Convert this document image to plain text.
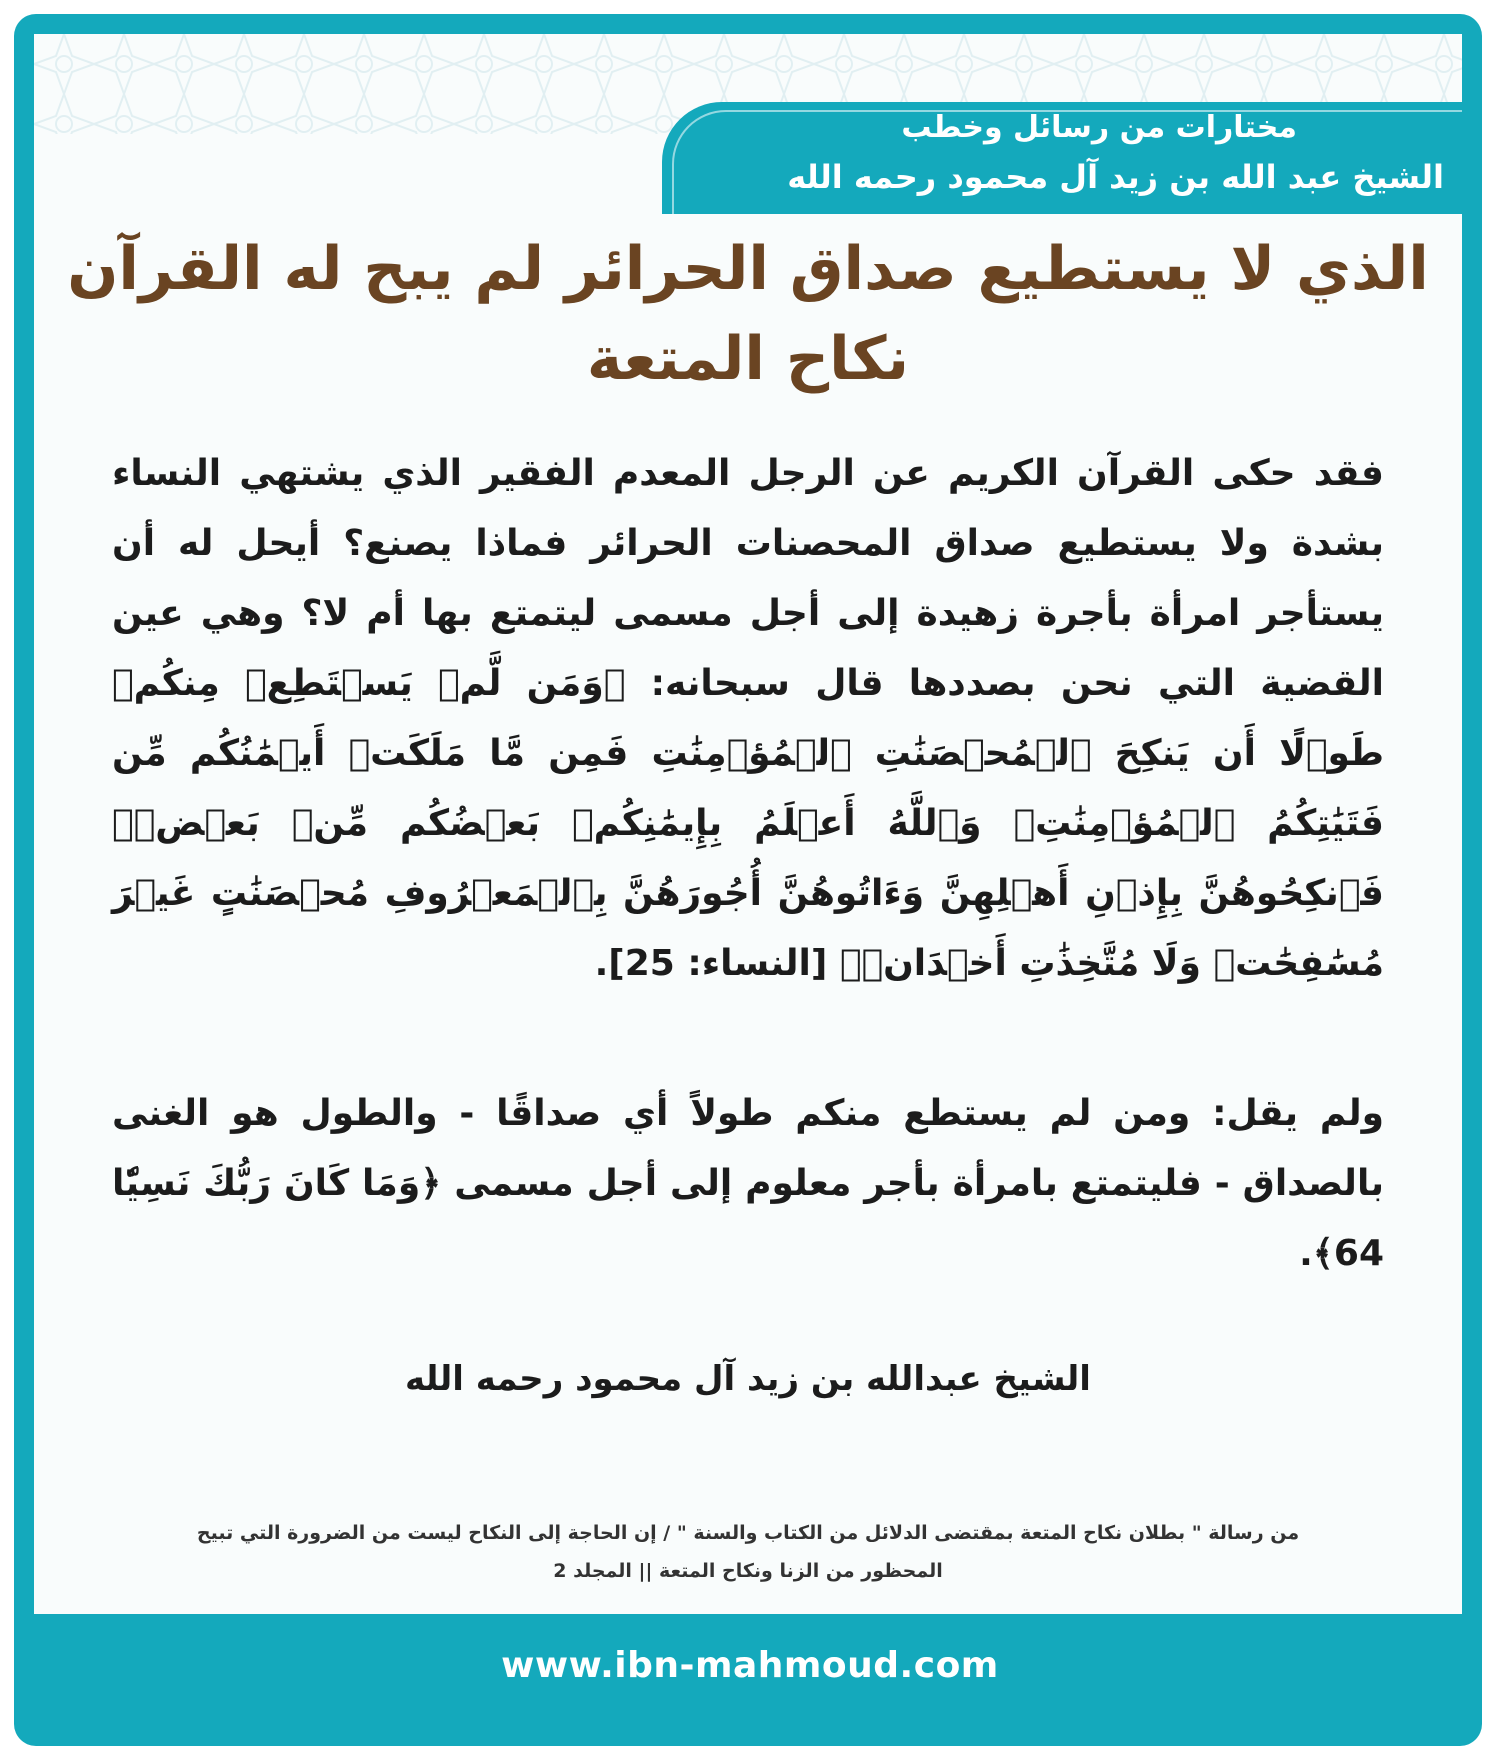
مختارات من رسائل وخطب
الشيخ عبد الله بن زيد آل محمود رحمه الله
الذي لا يستطيع صداق الحرائر لم يبح له القرآن
نكاح المتعة
فقد حكى القرآن الكريم عن الرجل المعدم الفقير الذي يشتهي النساء بشدة ولا يستطيع صداق المحصنات الحرائر فماذا يصنع؟ أيحل له أن يستأجر امرأة بأجرة زهيدة إلى أجل مسمى ليتمتع بها أم لا؟ وهي عين القضية التي نحن بصددها قال سبحانه: ﴿وَمَن لَّمۡ يَسۡتَطِعۡ مِنكُمۡ طَوۡلًا أَن يَنكِحَ ٱلۡمُحۡصَنَٰتِ ٱلۡمُؤۡمِنَٰتِ فَمِن مَّا مَلَكَتۡ أَيۡمَٰنُكُم مِّن فَتَيَٰتِكُمُ ٱلۡمُؤۡمِنَٰتِۚ وَٱللَّهُ أَعۡلَمُ بِإِيمَٰنِكُمۚ بَعۡضُكُم مِّنۢ بَعۡضٖۚ فَٱنكِحُوهُنَّ بِإِذۡنِ أَهۡلِهِنَّ وَءَاتُوهُنَّ أُجُورَهُنَّ بِٱلۡمَعۡرُوفِ مُحۡصَنَٰتٍ غَيۡرَ مُسَٰفِحَٰتٖ وَلَا مُتَّخِذَٰتِ أَخۡدَانٖ﴾ [النساء: 25].
ولم يقل: ومن لم يستطع منكم طولاً أي صداقًا - والطول هو الغنى بالصداق - فليتمتع بامرأة بأجر معلوم إلى أجل مسمى ﴿وَمَا كَانَ رَبُّكَ نَسِيّٗا 64﴾.
الشيخ عبدالله بن زيد آل محمود رحمه الله
من رسالة " بطلان نكاح المتعة بمقتضى الدلائل من الكتاب والسنة " / إن الحاجة إلى النكاح ليست من الضرورة التي تبيح
المحظور من الزنا ونكاح المتعة || المجلد 2
www.ibn-mahmoud.com
